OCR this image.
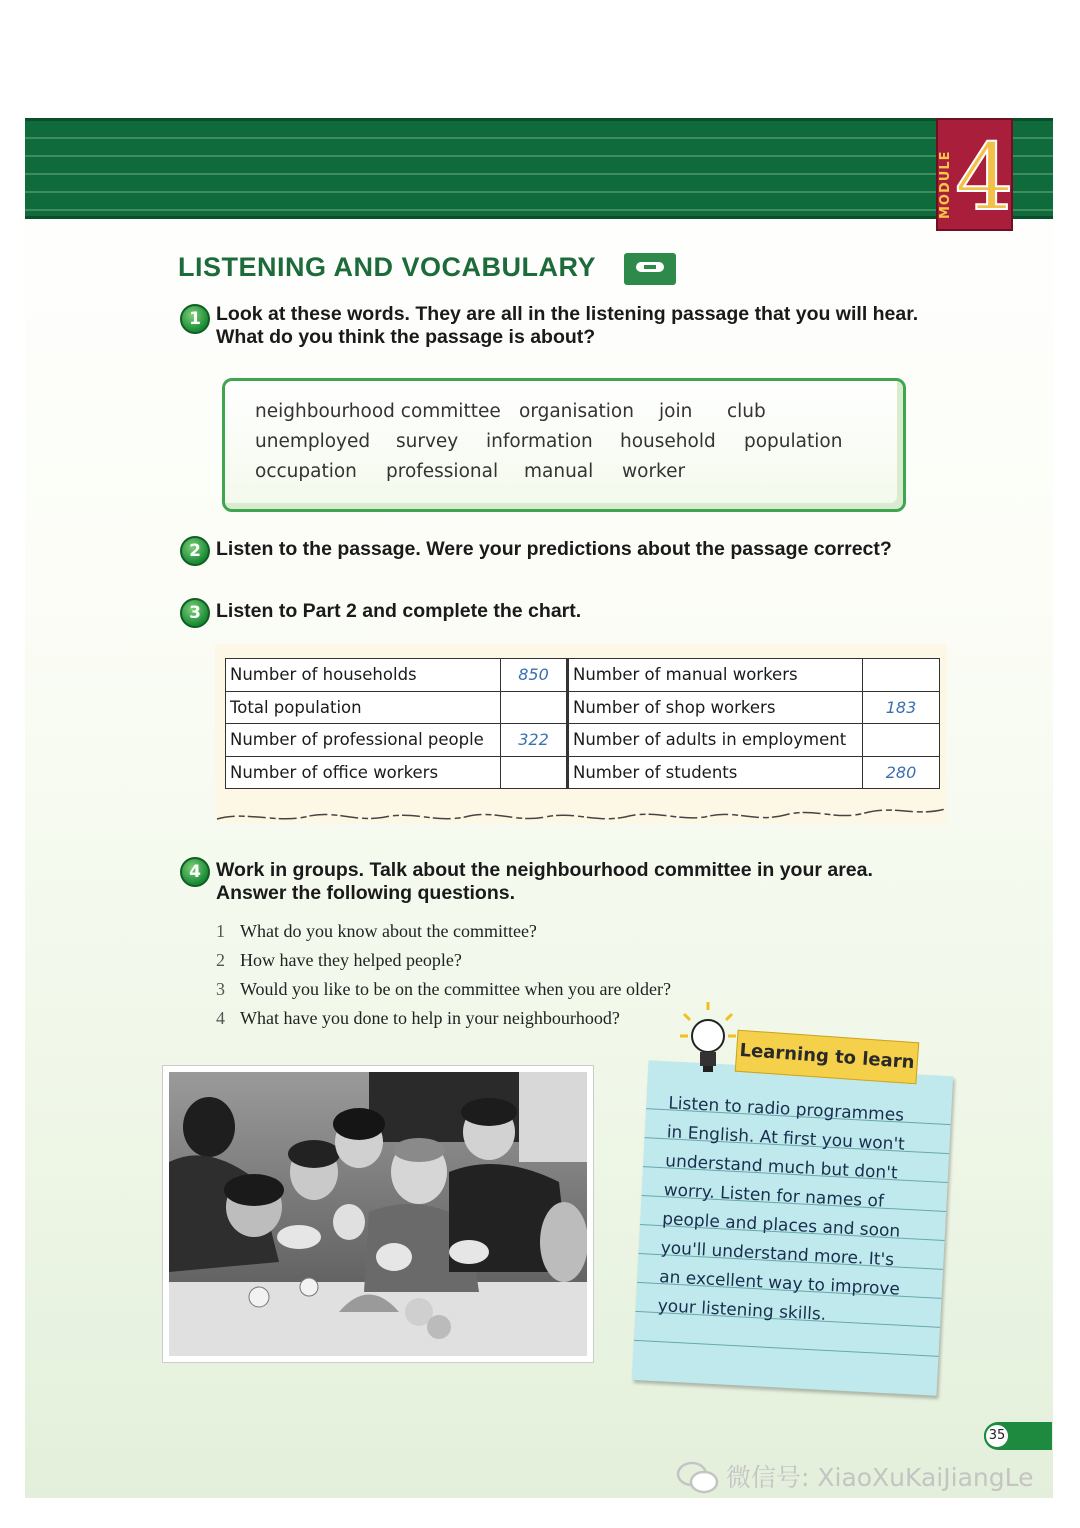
MODULE 4
LISTENING AND VOCABULARY
1 Look at these words. They are all in the listening passage that you will hear.
What do you think the passage is about?
neighbourhood committee organisation join club
unemployed survey information household population
occupation professional manual worker
2 Listen to the passage. Were your predictions about the passage correct?
3 Listen to Part 2 and complete the chart.
Number of households	850	Number of manual workers	
Total population		Number of shop workers	183
Number of professional people	322	Number of adults in employment	
Number of office workers		Number of students	280
4 Work in groups. Talk about the neighbourhood committee in your area.
Answer the following questions.
1 What do you know about the committee?
2 How have they helped people?
3 Would you like to be on the committee when you are older?
4 What have you done to help in your neighbourhood?
Listen to radio programmes
in English. At first you won't
understand much but don't
worry. Listen for names of
people and places and soon
you'll understand more. It's
an excellent way to improve
your listening skills.
Learning to learn
35
微信号: XiaoXuKaiJiangLe
